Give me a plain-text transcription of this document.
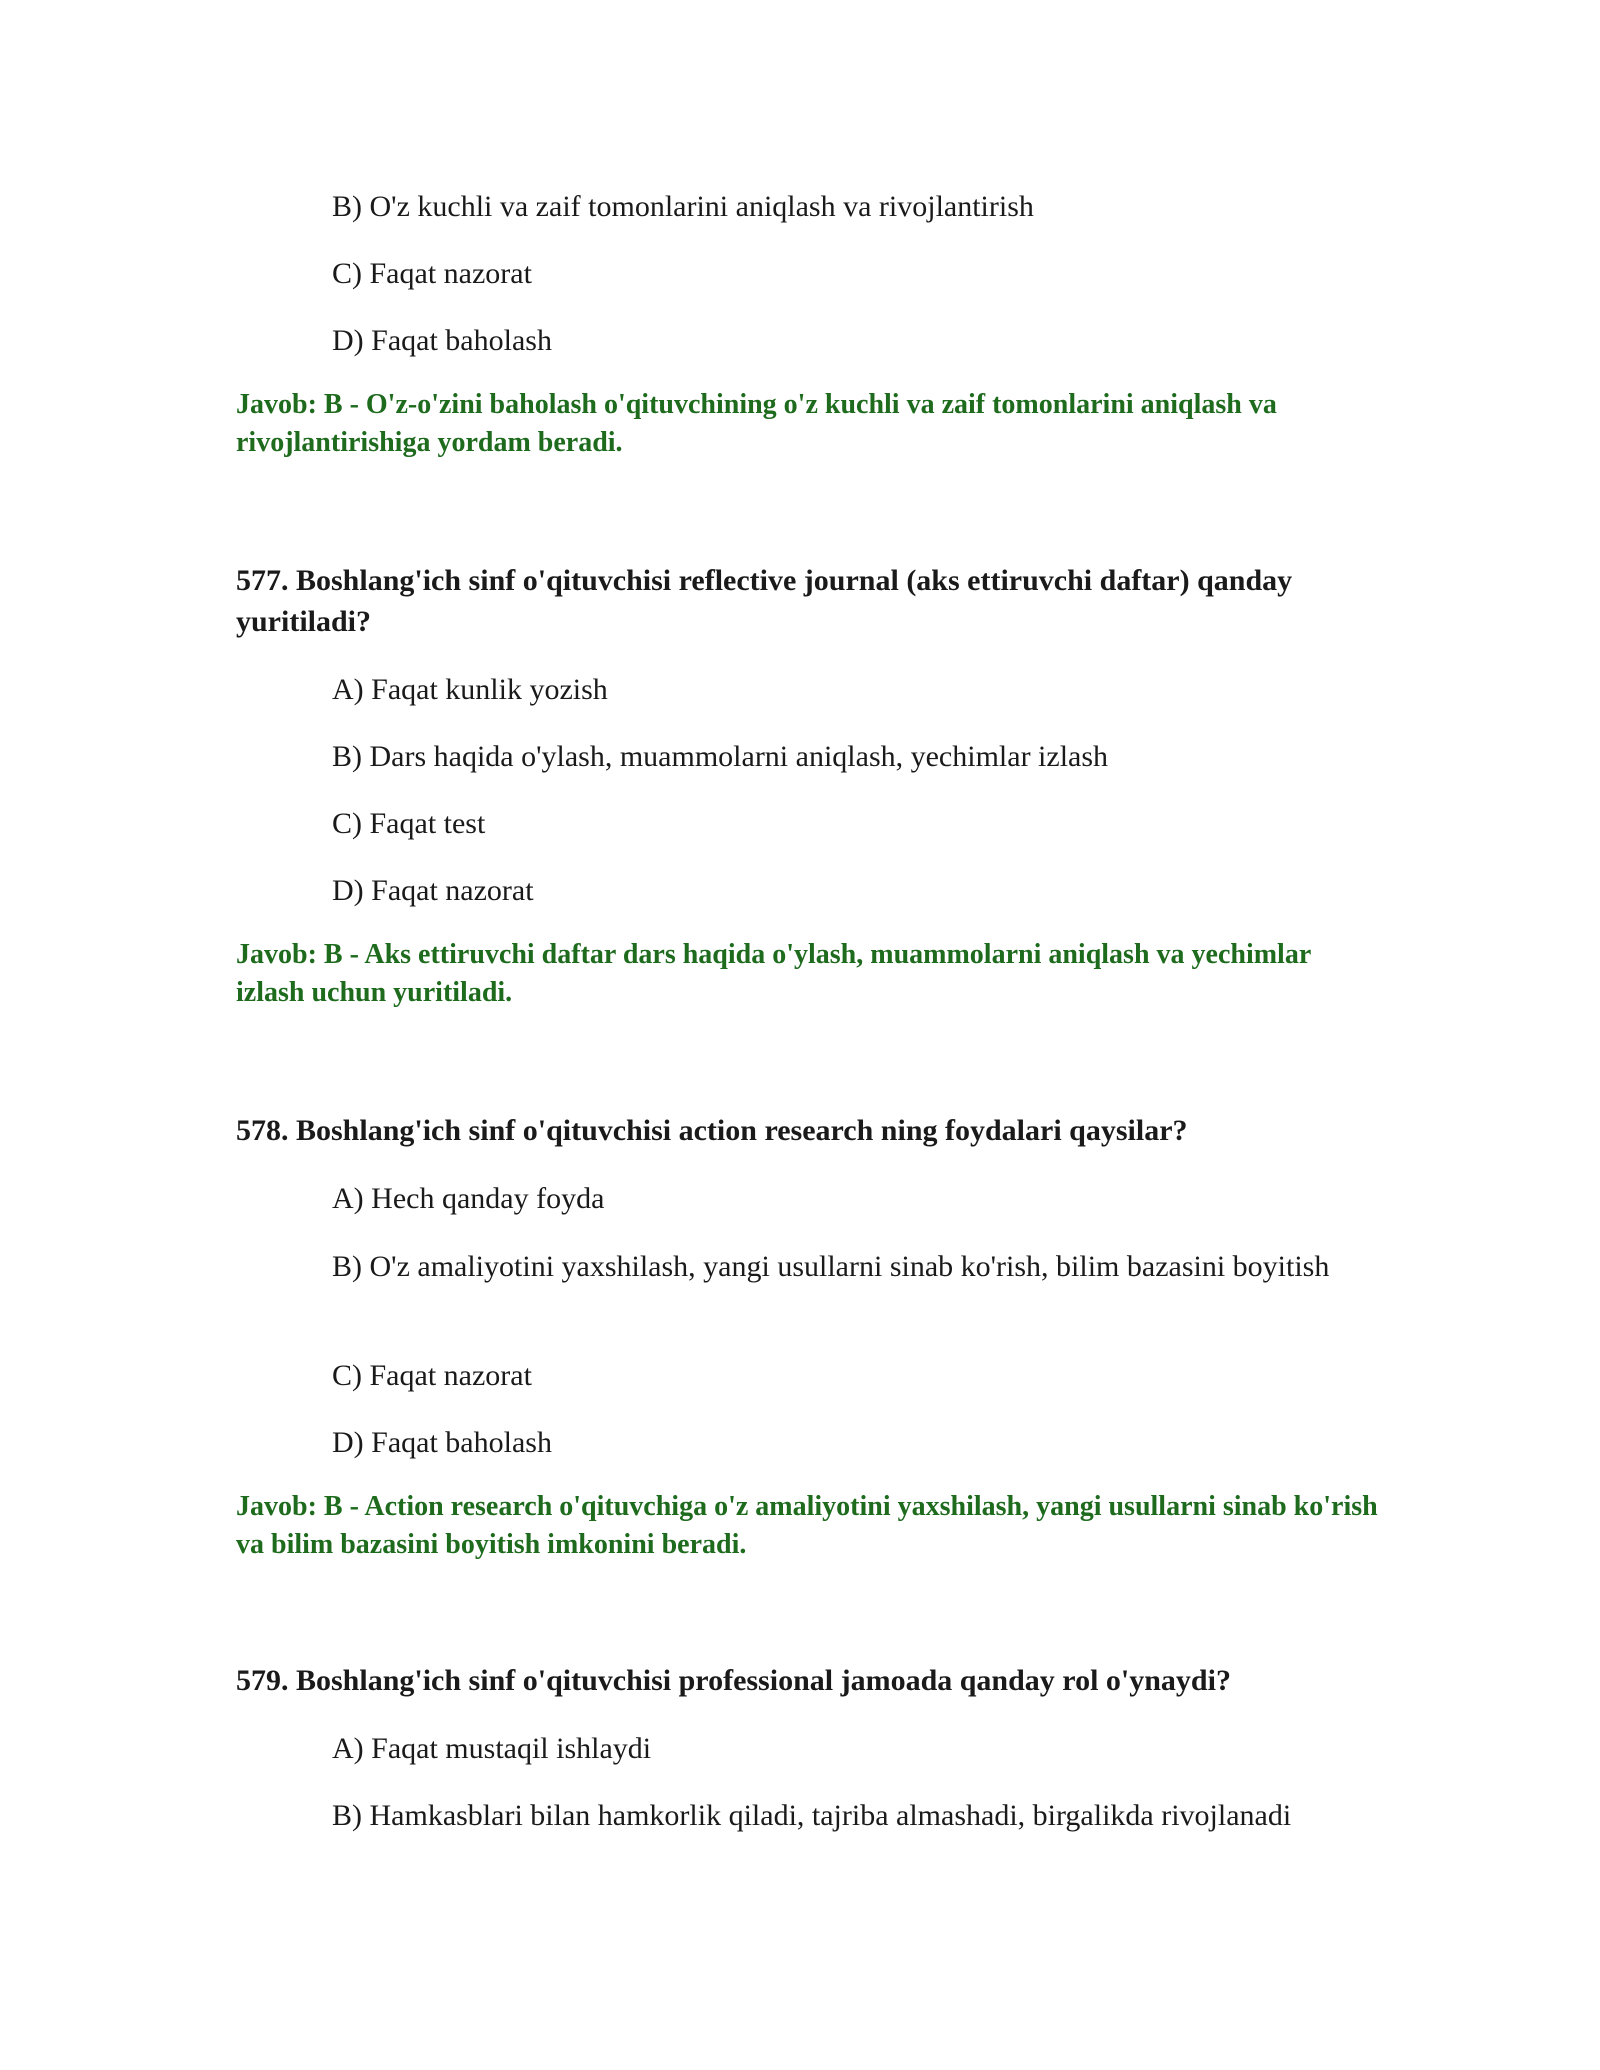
B) O'z kuchli va zaif tomonlarini aniqlash va rivojlantirish
C) Faqat nazorat
D) Faqat baholash
Javob: B - O'z-o'zini baholash o'qituvchining o'z kuchli va zaif tomonlarini aniqlash va rivojlantirishiga yordam beradi.
577. Boshlang'ich sinf o'qituvchisi reflective journal (aks ettiruvchi daftar) qanday yuritiladi?
A) Faqat kunlik yozish
B) Dars haqida o'ylash, muammolarni aniqlash, yechimlar izlash
C) Faqat test
D) Faqat nazorat
Javob: B - Aks ettiruvchi daftar dars haqida o'ylash, muammolarni aniqlash va yechimlar izlash uchun yuritiladi.
578. Boshlang'ich sinf o'qituvchisi action research ning foydalari qaysilar?
A) Hech qanday foyda
B) O'z amaliyotini yaxshilash, yangi usullarni sinab ko'rish, bilim bazasini boyitish
C) Faqat nazorat
D) Faqat baholash
Javob: B - Action research o'qituvchiga o'z amaliyotini yaxshilash, yangi usullarni sinab ko'rish va bilim bazasini boyitish imkonini beradi.
579. Boshlang'ich sinf o'qituvchisi professional jamoada qanday rol o'ynaydi?
A) Faqat mustaqil ishlaydi
B) Hamkasblari bilan hamkorlik qiladi, tajriba almashadi, birgalikda rivojlanadi
